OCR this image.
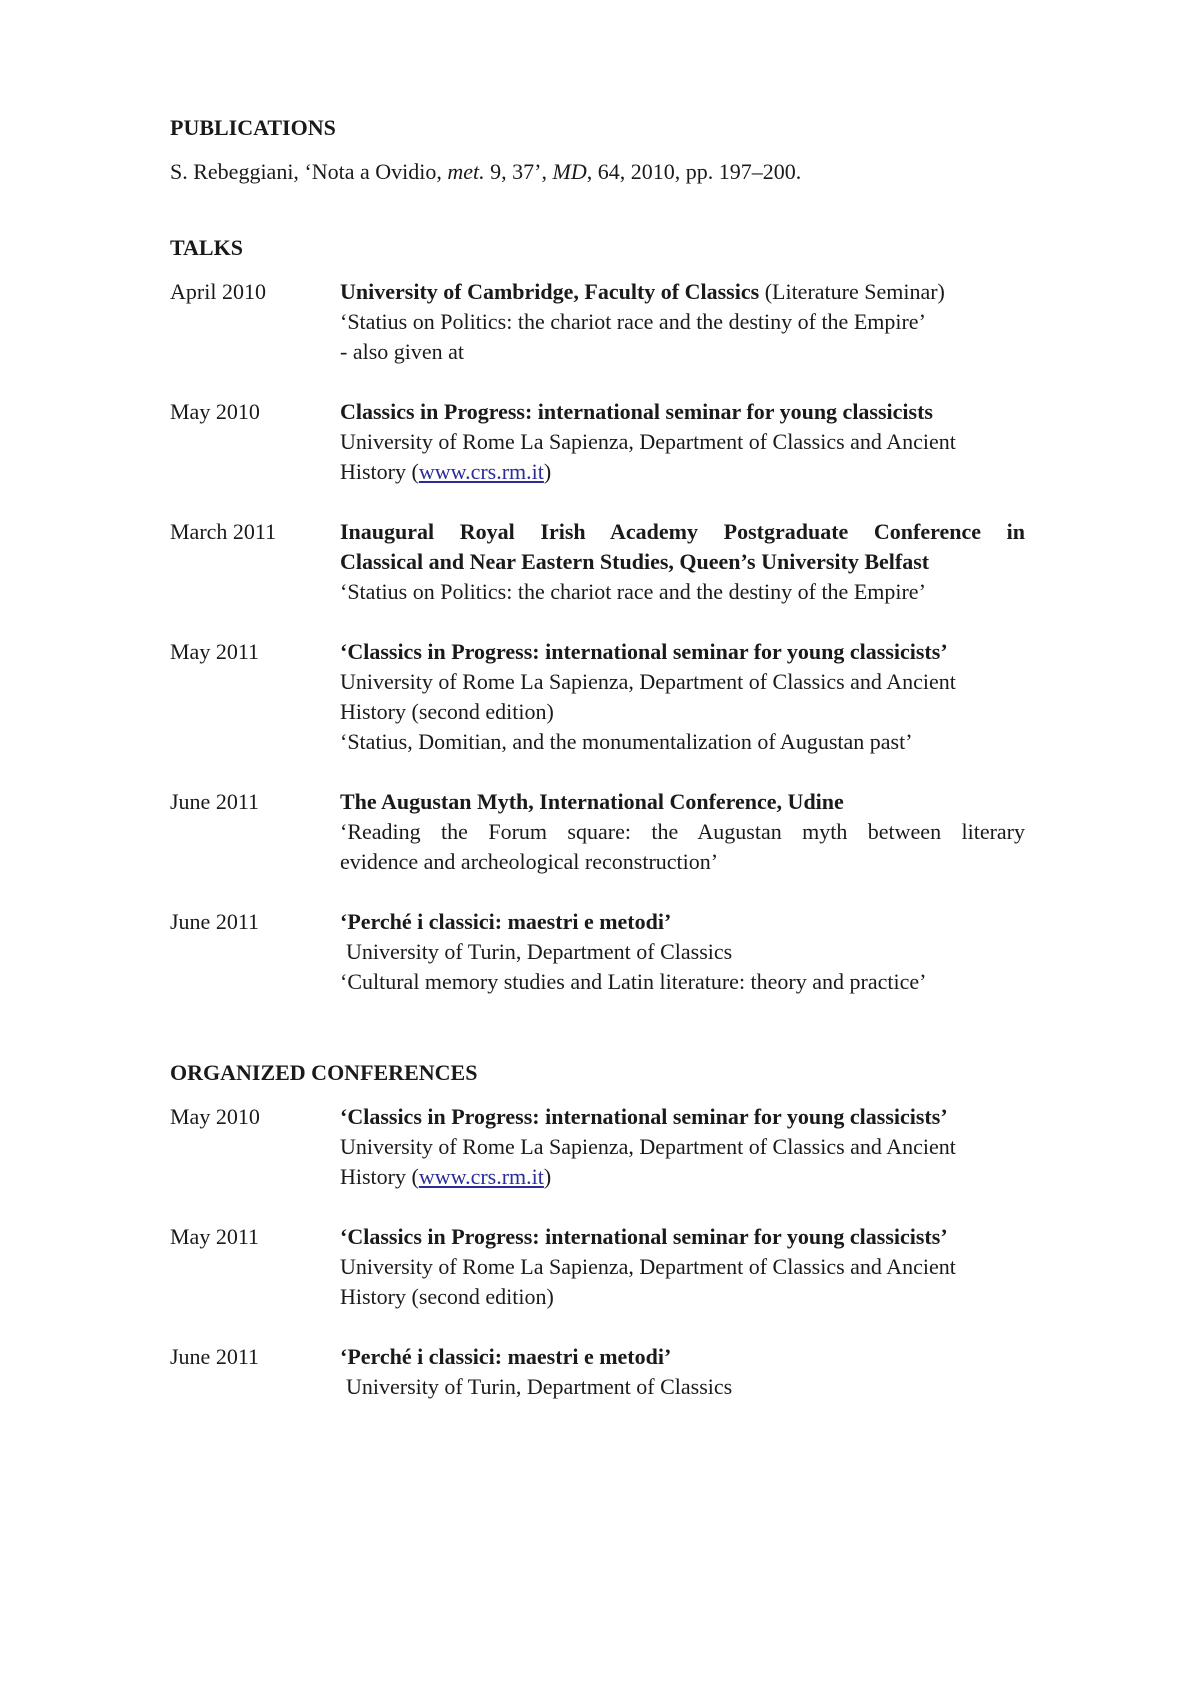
PUBLICATIONS
S. Rebeggiani, ‘Nota a Ovidio, met. 9, 37’, MD, 64, 2010, pp. 197–200.
TALKS
April 2010	University of Cambridge, Faculty of Classics (Literature Seminar)
‘Statius on Politics: the chariot race and the destiny of the Empire’
- also given at
May 2010	Classics in Progress: international seminar for young classicists
University of Rome La Sapienza, Department of Classics and Ancient
History (www.crs.rm.it)
March 2011	Inaugural Royal Irish Academy Postgraduate Conference in
Classical and Near Eastern Studies, Queen’s University Belfast
‘Statius on Politics: the chariot race and the destiny of the Empire’
May 2011	‘Classics in Progress: international seminar for young classicists’
University of Rome La Sapienza, Department of Classics and Ancient
History (second edition)
‘Statius, Domitian, and the monumentalization of Augustan past’
June 2011	The Augustan Myth, International Conference, Udine
‘Reading the Forum square: the Augustan myth between literary
evidence and archeological reconstruction’
June 2011	‘Perché i classici: maestri e metodi’
University of Turin, Department of Classics
‘Cultural memory studies and Latin literature: theory and practice’
ORGANIZED CONFERENCES
May 2010	‘Classics in Progress: international seminar for young classicists’
University of Rome La Sapienza, Department of Classics and Ancient
History (www.crs.rm.it)
May 2011	‘Classics in Progress: international seminar for young classicists’
University of Rome La Sapienza, Department of Classics and Ancient
History (second edition)
June 2011	‘Perché i classici: maestri e metodi’
University of Turin, Department of Classics
